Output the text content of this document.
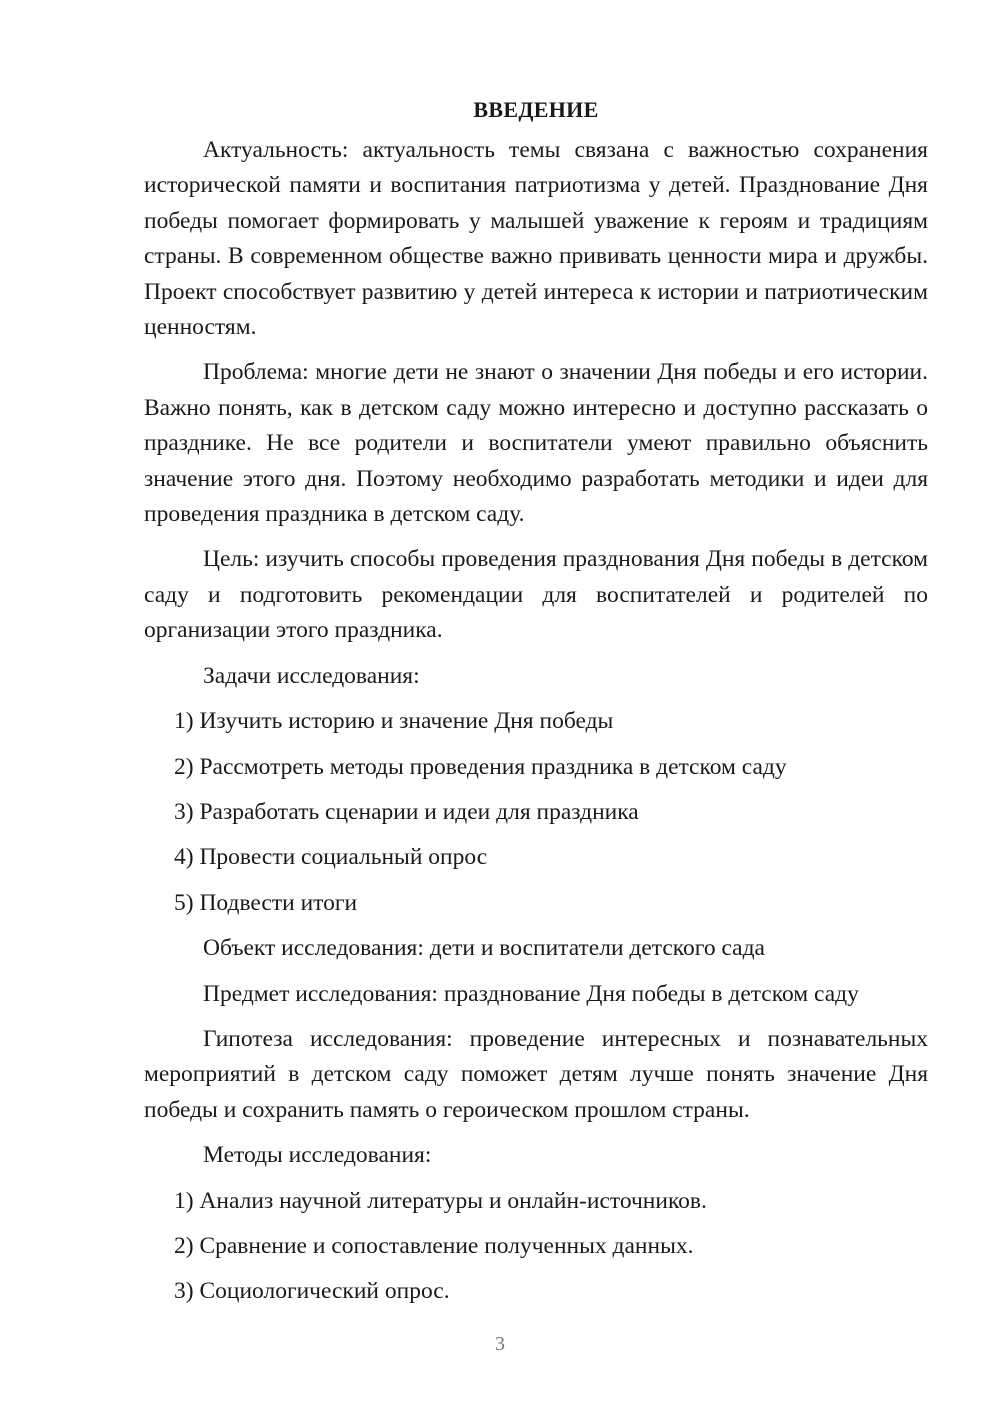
ВВЕДЕНИЕ

Актуальность: актуальность темы связана с важностью сохранения исторической памяти и воспитания патриотизма у детей. Празднование Дня победы помогает формировать у малышей уважение к героям и традициям страны. В современном обществе важно прививать ценности мира и дружбы. Проект способствует развитию у детей интереса к истории и патриотическим ценностям.

Проблема: многие дети не знают о значении Дня победы и его истории. Важно понять, как в детском саду можно интересно и доступно рассказать о празднике. Не все родители и воспитатели умеют правильно объяснить значение этого дня. Поэтому необходимо разработать методики и идеи для проведения праздника в детском саду.

Цель: изучить способы проведения празднования Дня победы в детском саду и подготовить рекомендации для воспитателей и родителей по организации этого праздника.

Задачи исследования:
1) Изучить историю и значение Дня победы
2) Рассмотреть методы проведения праздника в детском саду
3) Разработать сценарии и идеи для праздника
4) Провести социальный опрос
5) Подвести итоги
Объект исследования: дети и воспитатели детского сада
Предмет исследования: празднование Дня победы в детском саду

Гипотеза исследования: проведение интересных и познавательных мероприятий в детском саду поможет детям лучше понять значение Дня победы и сохранить память о героическом прошлом страны.

Методы исследования:
1) Анализ научной литературы и онлайн-источников.
2) Сравнение и сопоставление полученных данных.
3) Социологический опрос.
3
